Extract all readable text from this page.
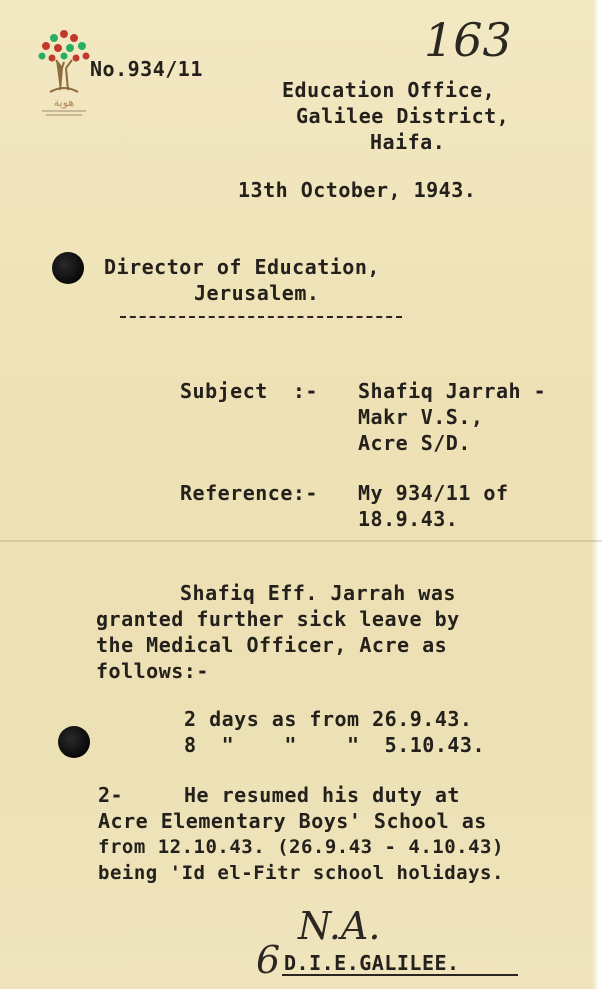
هوية
163
No.934/11
Education Office,
Galilee District,
Haifa.
13th October, 1943.
Director of Education,
Jerusalem.
Subject  :- Shafiq Jarrah -
Makr V.S.,
Acre S/D.
Reference:- My 934/11 of
18.9.43.
Shafiq Eff. Jarrah was
granted further sick leave by
the Medical Officer, Acre as
follows:-
2 days as from 26.9.43.
8  "    "    "  5.10.43.
2-	He resumed his duty at
Acre Elementary Boys' School as
from 12.10.43. (26.9.43 - 4.10.43)
being 'Id el-Fitr school holidays.
N.A.
6 D.I.E.GALILEE.
